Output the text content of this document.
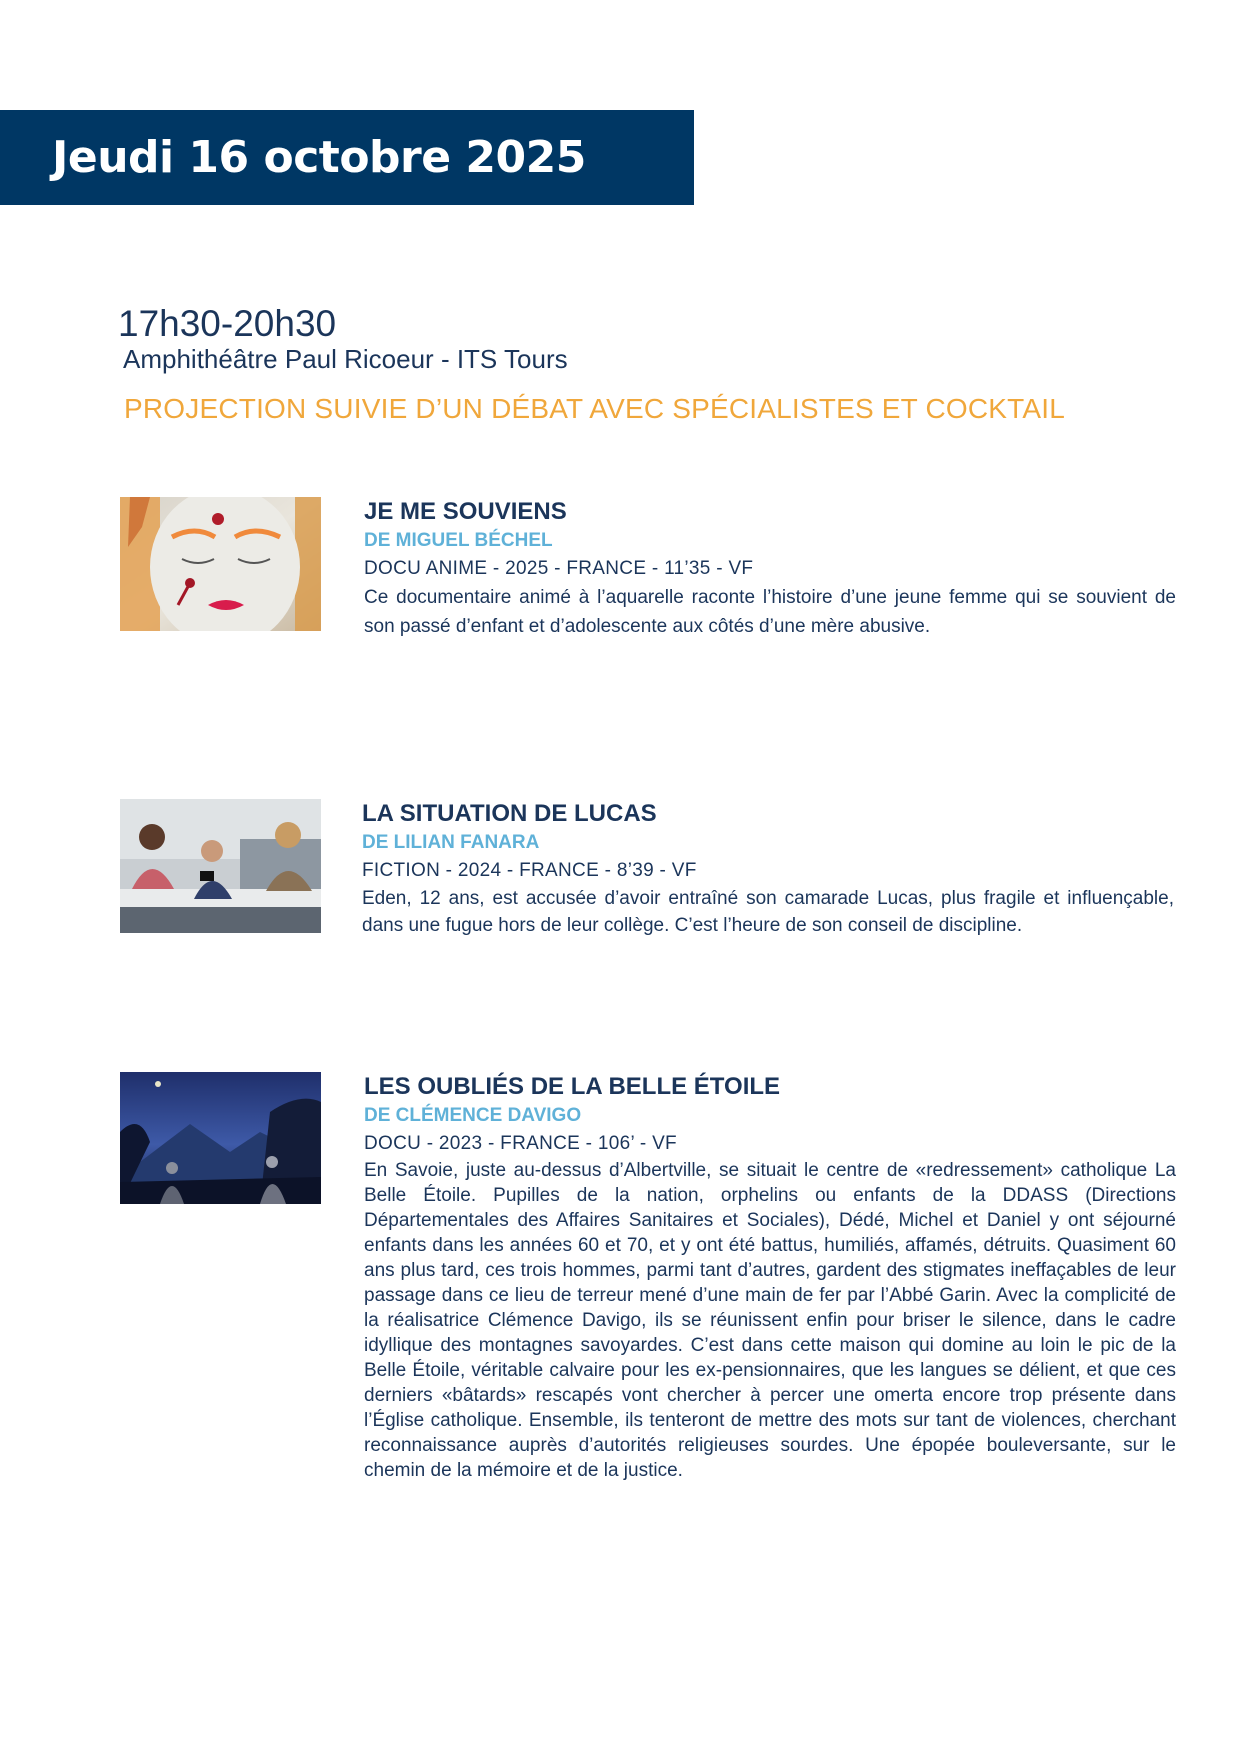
Jeudi 16 octobre 2025
17h30-20h30
Amphithéâtre Paul Ricoeur - ITS Tours
PROJECTION SUIVIE D’UN DÉBAT AVEC SPÉCIALISTES ET COCKTAIL
JE ME SOUVIENS
DE MIGUEL BÉCHEL
DOCU ANIME - 2025 - FRANCE - 11’35 - VF

Ce documentaire animé à l’aquarelle raconte l’histoire d’une jeune femme qui se souvient de son passé d’enfant et d’adolescente aux côtés d’une mère abusive.

LA SITUATION DE LUCAS
DE LILIAN FANARA
FICTION - 2024 - FRANCE - 8’39 - VF

Eden, 12 ans, est accusée d’avoir entraîné son camarade Lucas, plus fragile et influençable, dans une fugue hors de leur collège. C’est l’heure de son conseil de discipline.

LES OUBLIÉS DE LA BELLE ÉTOILE
DE CLÉMENCE DAVIGO
DOCU - 2023 - FRANCE - 106’ - VF

En Savoie, juste au-dessus d’Albertville, se situait le centre de «redressement» catholique La Belle Étoile. Pupilles de la nation, orphelins ou enfants de la DDASS (Directions Départementales des Affaires Sanitaires et Sociales), Dédé, Michel et Daniel y ont séjourné enfants dans les années 60 et 70, et y ont été battus, humiliés, affamés, détruits. Quasiment 60 ans plus tard, ces trois hommes, parmi tant d’autres, gardent des stigmates ineffaçables de leur passage dans ce lieu de terreur mené d’une main de fer par l’Abbé Garin. Avec la complicité de la réalisatrice Clémence Davigo, ils se réunissent enfin pour briser le silence, dans le cadre idyllique des montagnes savoyardes. C’est dans cette maison qui domine au loin le pic de la Belle Étoile, véritable calvaire pour les ex-pensionnaires, que les langues se délient, et que ces derniers «bâtards» rescapés vont chercher à percer une omerta encore trop présente dans l’Église catholique. Ensemble, ils tenteront de mettre des mots sur tant de violences, cherchant reconnaissance auprès d’autorités religieuses sourdes. Une épopée bouleversante, sur le chemin de la mémoire et de la justice.
